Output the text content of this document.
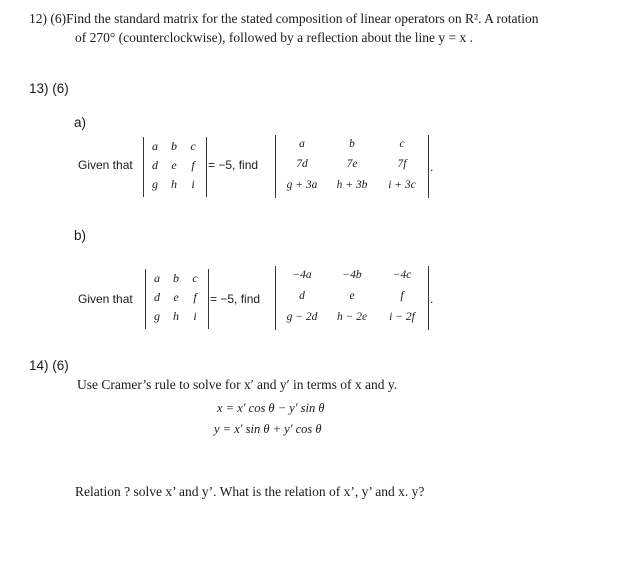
12) (6)Find the standard matrix for the stated composition of linear operators on R². A rotation
of 270° (counterclockwise), followed by a reflection about the line y = x .
13) (6)
a)
Given that
a	b	c
d	e	f
g	h	i
= −5, find
a	b	c
7d	7e	7f
g + 3a	h + 3b	i + 3c
.
b)
Given that
a	b	c
d	e	f
g	h	i
= −5, find
−4a	−4b	−4c
d	e	f
g − 2d	h − 2e	i − 2f
.
14) (6)
Use Cramer’s rule to solve for x′ and y′ in terms of x and y.
x = x′ cos θ − y′ sin θ
y = x′ sin θ + y′ cos θ
Relation ? solve x’ and y’. What is the relation of x’, y’ and x. y?
